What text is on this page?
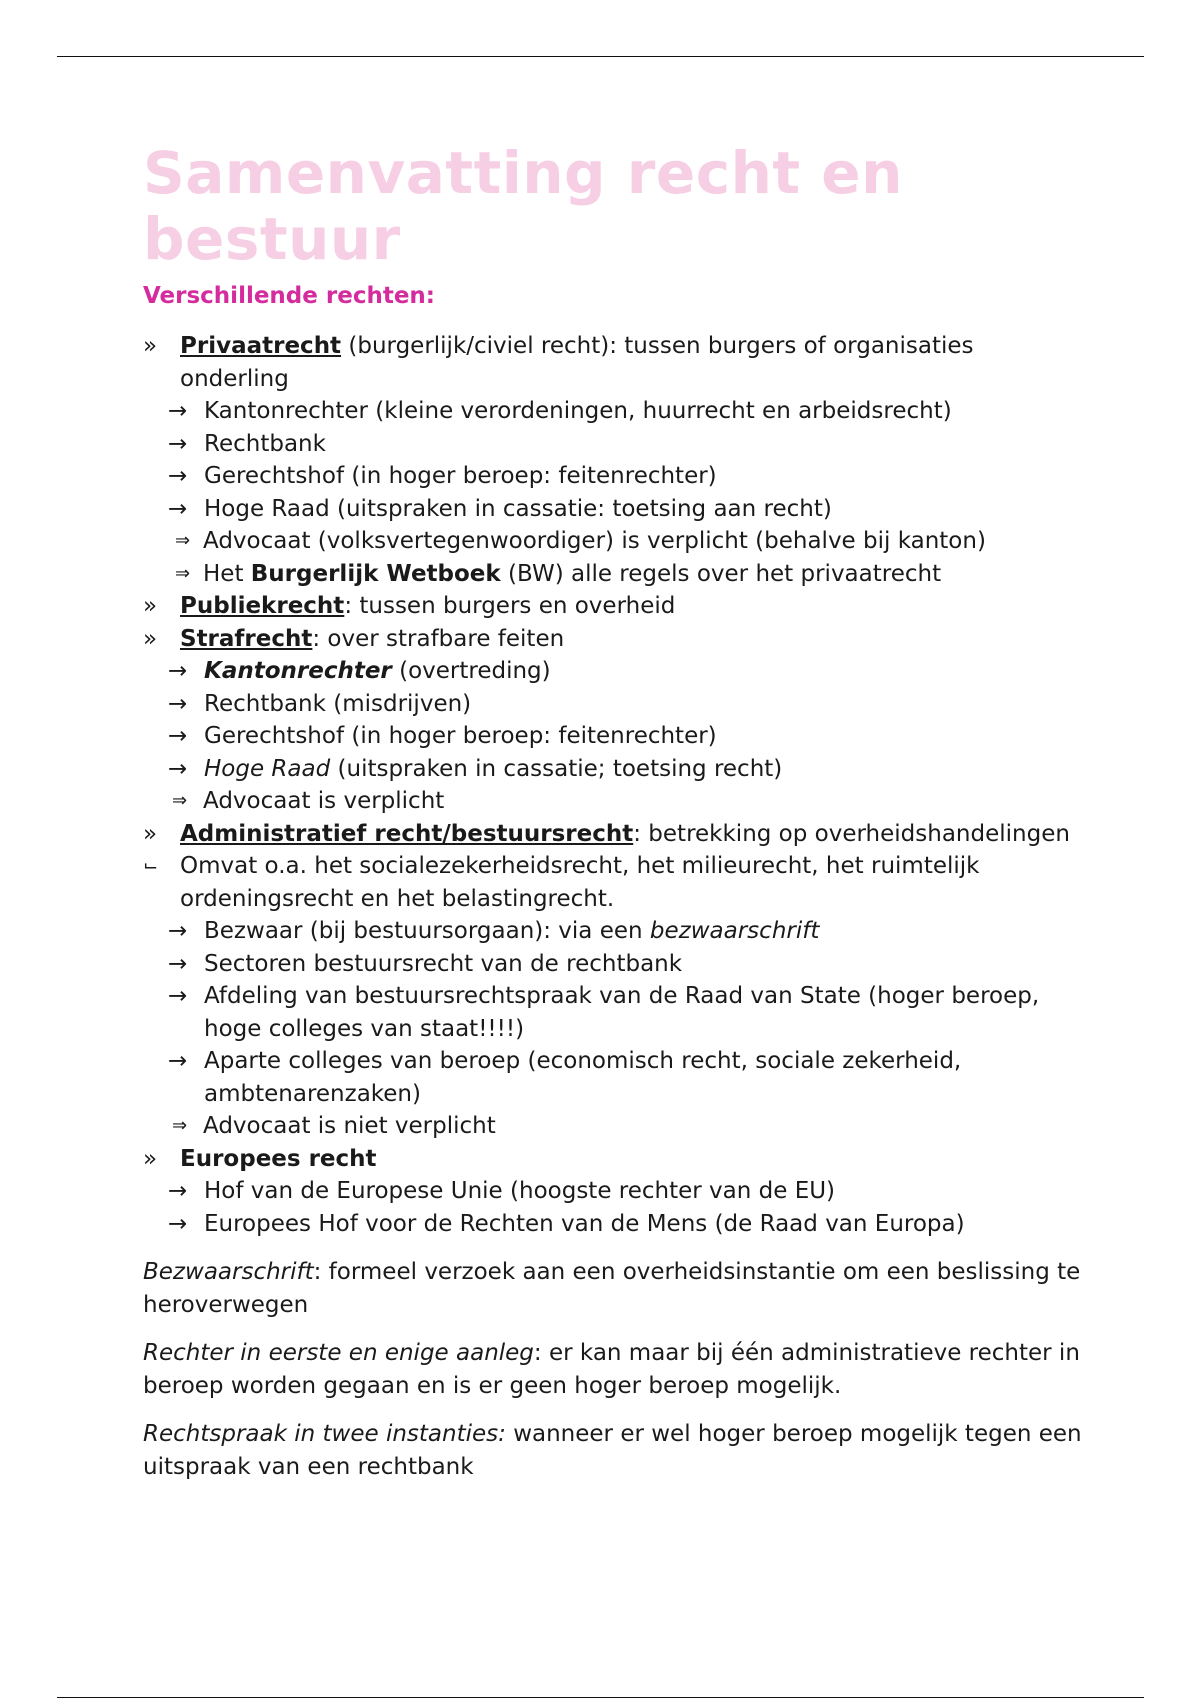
Samenvatting recht en bestuur
Verschillende rechten:
» Privaatrecht (burgerlijk/civiel recht): tussen burgers of organisaties onderling
→ Kantonrechter (kleine verordeningen, huurrecht en arbeidsrecht)
→ Rechtbank
→ Gerechtshof (in hoger beroep: feitenrechter)
→ Hoge Raad (uitspraken in cassatie: toetsing aan recht)
⇒ Advocaat (volksvertegenwoordiger) is verplicht (behalve bij kanton)
⇒ Het Burgerlijk Wetboek (BW) alle regels over het privaatrecht
» Publiekrecht: tussen burgers en overheid
» Strafrecht: over strafbare feiten
→ Kantonrechter (overtreding)
→ Rechtbank (misdrijven)
→ Gerechtshof (in hoger beroep: feitenrechter)
→ Hoge Raad (uitspraken in cassatie; toetsing recht)
⇒ Advocaat is verplicht
» Administratief recht/bestuursrecht: betrekking op overheidshandelingen
⌙ Omvat o.a. het socialezekerheidsrecht, het milieurecht, het ruimtelijk ordeningsrecht en het belastingrecht.
→ Bezwaar (bij bestuursorgaan): via een bezwaarschrift
→ Sectoren bestuursrecht van de rechtbank
→ Afdeling van bestuursrechtspraak van de Raad van State (hoger beroep, hoge colleges van staat!!!!)
→ Aparte colleges van beroep (economisch recht, sociale zekerheid, ambtenarenzaken)
⇒ Advocaat is niet verplicht
» Europees recht
→ Hof van de Europese Unie (hoogste rechter van de EU)
→ Europees Hof voor de Rechten van de Mens (de Raad van Europa)

Bezwaarschrift: formeel verzoek aan een overheidsinstantie om een beslissing te heroverwegen

Rechter in eerste en enige aanleg: er kan maar bij één administratieve rechter in beroep worden gegaan en is er geen hoger beroep mogelijk.

Rechtspraak in twee instanties: wanneer er wel hoger beroep mogelijk tegen een uitspraak van een rechtbank
